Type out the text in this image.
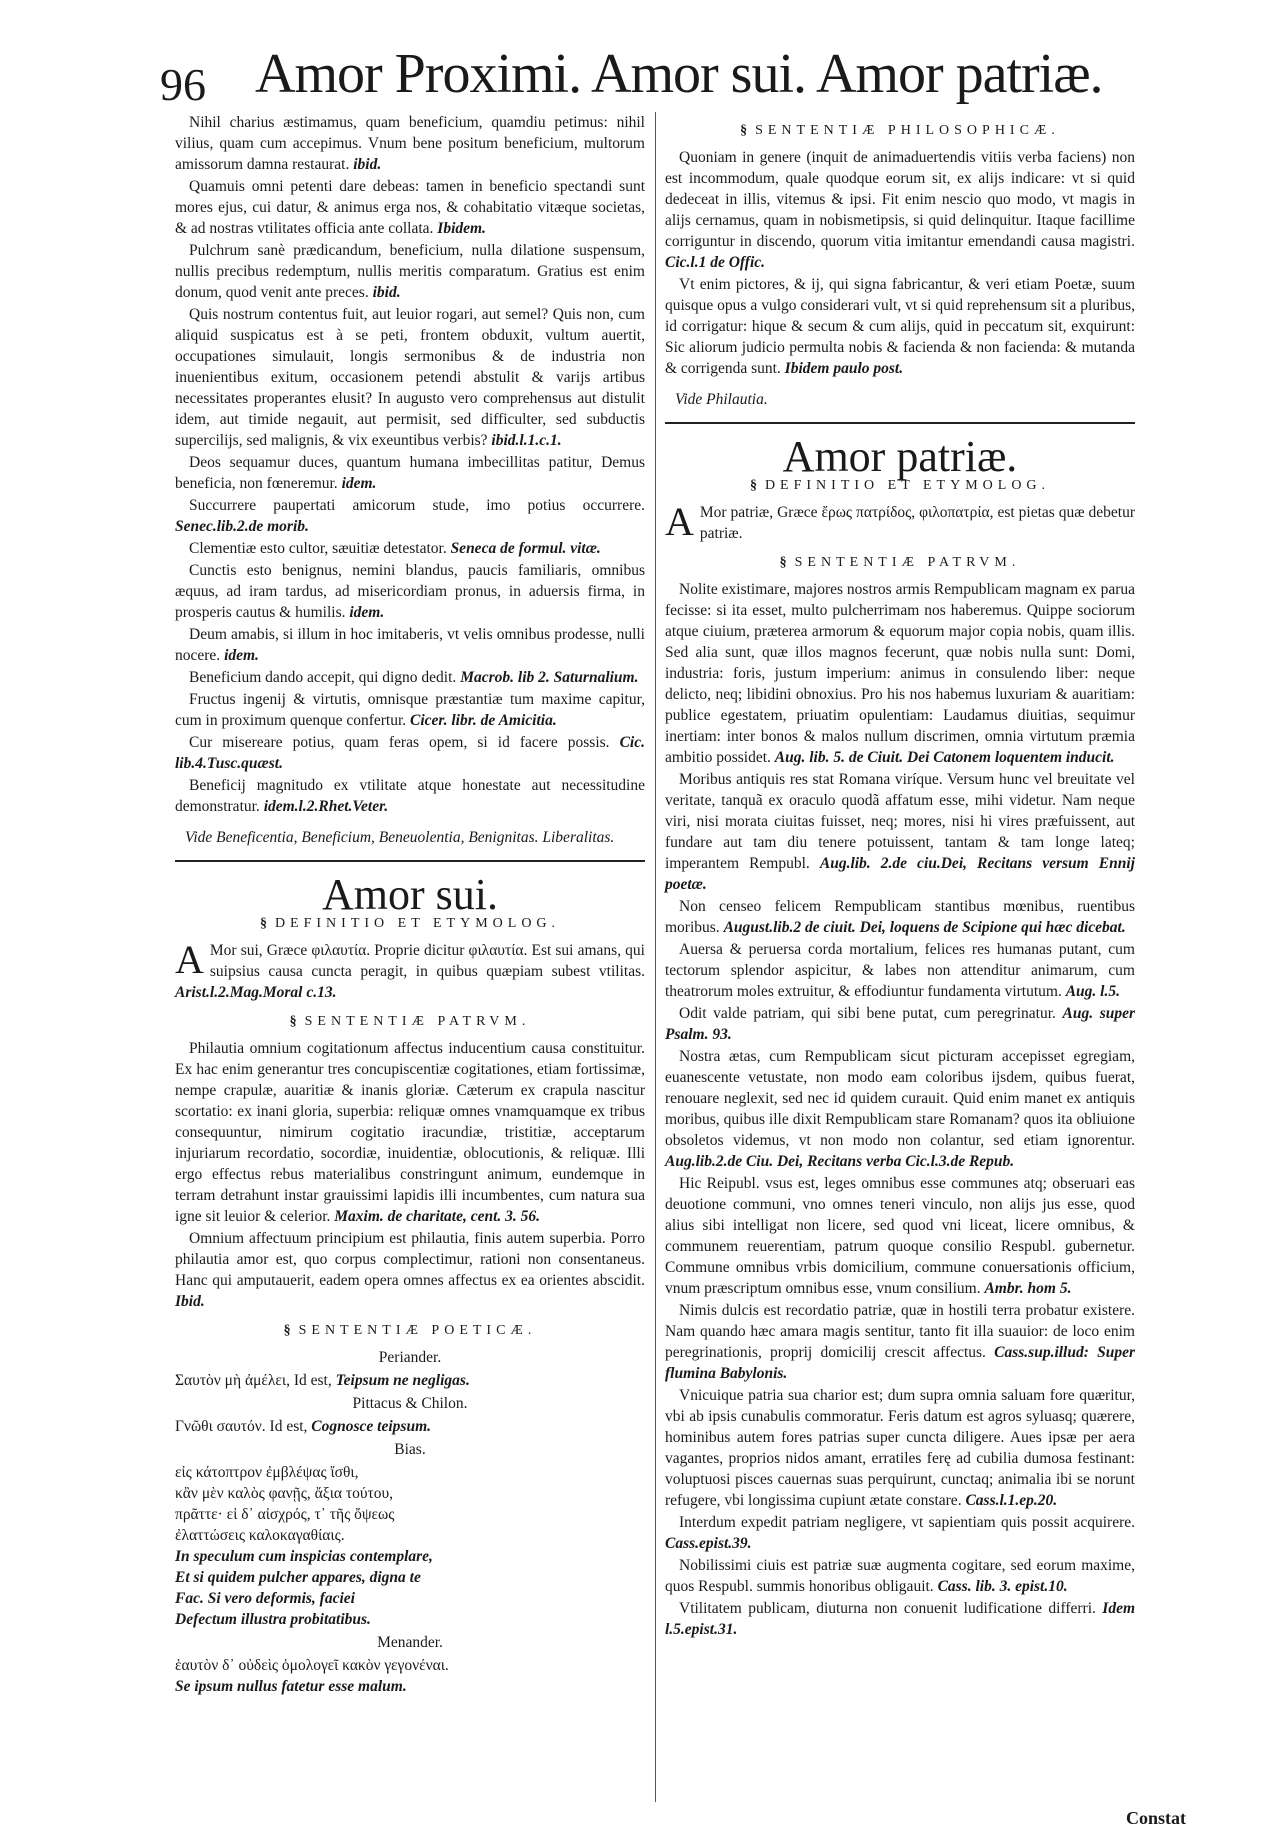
96 Amor Proximi. Amor sui. Amor patriæ.
Nihil charius æstimamus, quam beneficium, quamdiu petimus: nihil vilius, quam cum accepimus. Vnum bene positum beneficium, multorum amissorum damna restaurat. ibid.
Quamuis omni petenti dare debeas: tamen in beneficio spectandi sunt mores ejus, cui datur, & animus erga nos, & cohabitatio vitæque societas, & ad nostras vtilitates officia ante collata. Ibidem.
Pulchrum sanè prædicandum, beneficium, nulla dilatione suspensum, nullis precibus redemptum, nullis meritis comparatum. Gratius est enim donum, quod venit ante preces. ibid.
Quis nostrum contentus fuit, aut leuior rogari, aut semel? Quis non, cum aliquid suspicatus est à se peti, frontem obduxit, vultum auertit, occupationes simulauit, longis sermonibus & de industria non inuenientibus exitum, occasionem petendi abstulit & varijs artibus necessitates properantes elusit? In augusto vero comprehensus aut distulit idem, aut timide negauit, aut permisit, sed difficulter, sed subductis supercilijs, sed malignis, & vix exeuntibus verbis? ibid.l.1.c.1.
Deos sequamur duces, quantum humana imbecillitas patitur, Demus beneficia, non fœneremur. idem.
Succurrere paupertati amicorum stude, imo potius occurrere. Senec.lib.2.de morib.
Clementiæ esto cultor, sæuitiæ detestator. Seneca de formul. vitæ.
Cunctis esto benignus, nemini blandus, paucis familiaris, omnibus æquus, ad iram tardus, ad misericordiam pronus, in aduersis firma, in prosperis cautus & humilis. idem.
Deum amabis, si illum in hoc imitaberis, vt velis omnibus prodesse, nulli nocere. idem.
Beneficium dando accepit, qui digno dedit. Macrob. lib 2. Saturnalium.
Fructus ingenij & virtutis, omnisque præstantiæ tum maxime capitur, cum in proximum quenque confertur. Cicer. libr. de Amicitia.
Cur misereare potius, quam feras opem, si id facere possis. Cic. lib.4.Tusc.quæst.
Beneficij magnitudo ex vtilitate atque honestate aut necessitudine demonstratur. idem.l.2.Rhet.Veter.
Vide Beneficentia, Beneficium, Beneuolentia, Benignitas. Liberalitas.
Amor sui.
§ DEFINITIO ET ETYMOLOG.
A Mor sui, Græce φιλαυτία. Proprie dicitur φιλαυτία. Est sui amans, qui suipsius causa cuncta peragit, in quibus quæpiam subest vtilitas. Arist.l.2.Mag.Moral c.13.
§ SENTENTIÆ PATRVM.
Philautia omnium cogitationum affectus inducentium causa constituitur. Ex hac enim generantur tres concupiscentiæ cogitationes, etiam fortissimæ, nempe crapulæ, auaritiæ & inanis gloriæ. Cæterum ex crapula nascitur scortatio: ex inani gloria, superbia: reliquæ omnes vnamquamque ex tribus consequuntur, nimirum cogitatio iracundiæ, tristitiæ, acceptarum injuriarum recordatio, socordiæ, inuidentiæ, oblocutionis, & reliquæ. Illi ergo effectus rebus materialibus constringunt animum, eundemque in terram detrahunt instar grauissimi lapidis illi incumbentes, cum natura sua igne sit leuior & celerior. Maxim. de charitate, cent. 3. 56.
Omnium affectuum principium est philautia, finis autem superbia. Porro philautia amor est, quo corpus complectimur, rationi non consentaneus. Hanc qui amputauerit, eadem opera omnes affectus ex ea orientes abscidit. Ibid.
§ SENTENTIÆ POETICÆ.
Periander.
Σαυτὸν μὴ ἀμέλει, Id est, Teipsum ne negligas.
Pittacus & Chilon.
Γνῶθι σαυτόν. Id est, Cognosce teipsum.
Bias.
εἰς κάτοπτρον ἐμβλέψας ἴσθι,
κἂν μὲν καλὸς φανῇς, ἄξια τούτου,
πρᾶττε· εἰ δ᾽ αἰσχρός, τ᾽ τῆς ὄψεως
ἐλαττώσεις καλοκαγαθίαις.
In speculum cum inspicias contemplare,
Et si quidem pulcher appares, digna te
Fac. Si vero deformis, faciei
Defectum illustra probitatibus.
Menander.
ἑαυτὸν δ᾽ οὐδεὶς ὁμολογεῖ κακὸν γεγονέναι.
Se ipsum nullus fatetur esse malum.
§ SENTENTIÆ PHILOSOPHICÆ.
Quoniam in genere (inquit de animaduertendis vitiis verba faciens) non est incommodum, quale quodque eorum sit, ex alijs indicare: vt si quid dedeceat in illis, vitemus & ipsi. Fit enim nescio quo modo, vt magis in alijs cernamus, quam in nobismetipsis, si quid delinquitur. Itaque facillime corriguntur in discendo, quorum vitia imitantur emendandi causa magistri. Cic.l.1 de Offic.
Vt enim pictores, & ij, qui signa fabricantur, & veri etiam Poetæ, suum quisque opus a vulgo considerari vult, vt si quid reprehensum sit a pluribus, id corrigatur: hique & secum & cum alijs, quid in peccatum sit, exquirunt: Sic aliorum judicio permulta nobis & facienda & non facienda: & mutanda & corrigenda sunt. Ibidem paulo post.
Vide Philautia.
Amor patriæ.
§ DEFINITIO ET ETYMOLOG.
A Mor patriæ, Græce ἔρως πατρίδος, φιλοπατρία, est pietas quæ debetur patriæ.
§ SENTENTIÆ PATRVM.
Nolite existimare, majores nostros armis Rempublicam magnam ex parua fecisse: si ita esset, multo pulcherrimam nos haberemus. Quippe sociorum atque ciuium, præterea armorum & equorum major copia nobis, quam illis. Sed alia sunt, quæ illos magnos fecerunt, quæ nobis nulla sunt: Domi, industria: foris, justum imperium: animus in consulendo liber: neque delicto, neq; libidini obnoxius. Pro his nos habemus luxuriam & auaritiam: publice egestatem, priuatim opulentiam: Laudamus diuitias, sequimur inertiam: inter bonos & malos nullum discrimen, omnia virtutum præmia ambitio possidet. Aug. lib. 5. de Ciuit. Dei Catonem loquentem inducit.
Moribus antiquis res stat Romana viríque. Versum hunc vel breuitate vel veritate, tanquã ex oraculo quodã affatum esse, mihi videtur. Nam neque viri, nisi morata ciuitas fuisset, neq; mores, nisi hi vires præfuissent, aut fundare aut tam diu tenere potuissent, tantam & tam longe lateq; imperantem Rempubl. Aug.lib. 2.de ciu.Dei, Recitans versum Ennij poetæ.
Non censeo felicem Rempublicam stantibus mœnibus, ruentibus moribus. August.lib.2 de ciuit. Dei, loquens de Scipione qui hæc dicebat.
Auersa & peruersa corda mortalium, felices res humanas putant, cum tectorum splendor aspicitur, & labes non attenditur animarum, cum theatrorum moles extruitur, & effodiuntur fundamenta virtutum. Aug. l.5.
Odit valde patriam, qui sibi bene putat, cum peregrinatur. Aug. super Psalm. 93.
Nostra ætas, cum Rempublicam sicut picturam accepisset egregiam, euanescente vetustate, non modo eam coloribus ijsdem, quibus fuerat, renouare neglexit, sed nec id quidem curauit. Quid enim manet ex antiquis moribus, quibus ille dixit Rempublicam stare Romanam? quos ita obliuione obsoletos videmus, vt non modo non colantur, sed etiam ignorentur. Aug.lib.2.de Ciu. Dei, Recitans verba Cic.l.3.de Repub.
Hic Reipubl. vsus est, leges omnibus esse communes atq; obseruari eas deuotione communi, vno omnes teneri vinculo, non alijs jus esse, quod alius sibi intelligat non licere, sed quod vni liceat, licere omnibus, & communem reuerentiam, patrum quoque consilio Respubl. gubernetur. Commune omnibus vrbis domicilium, commune conuersationis officium, vnum præscriptum omnibus esse, vnum consilium. Ambr. hom 5.
Nimis dulcis est recordatio patriæ, quæ in hostili terra probatur existere. Nam quando hæc amara magis sentitur, tanto fit illa suauior: de loco enim peregrinationis, proprij domicilij crescit affectus. Cass.sup.illud: Super flumina Babylonis.
Vnicuique patria sua charior est; dum supra omnia saluam fore quæritur, vbi ab ipsis cunabulis commoratur. Feris datum est agros syluasq; quærere, hominibus autem fores patrias super cuncta diligere. Aues ipsæ per aera vagantes, proprios nidos amant, erratiles ferę ad cubilia dumosa festinant: voluptuosi pisces cauernas suas perquirunt, cunctaq; animalia ibi se norunt refugere, vbi longissima cupiunt ætate constare. Cass.l.1.ep.20.
Interdum expedit patriam negligere, vt sapientiam quis possit acquirere. Cass.epist.39.
Nobilissimi ciuis est patriæ suæ augmenta cogitare, sed eorum maxime, quos Respubl. summis honoribus obligauit. Cass. lib. 3. epist.10.
Vtilitatem publicam, diuturna non conuenit ludificatione differri. Idem l.5.epist.31.
Constat
